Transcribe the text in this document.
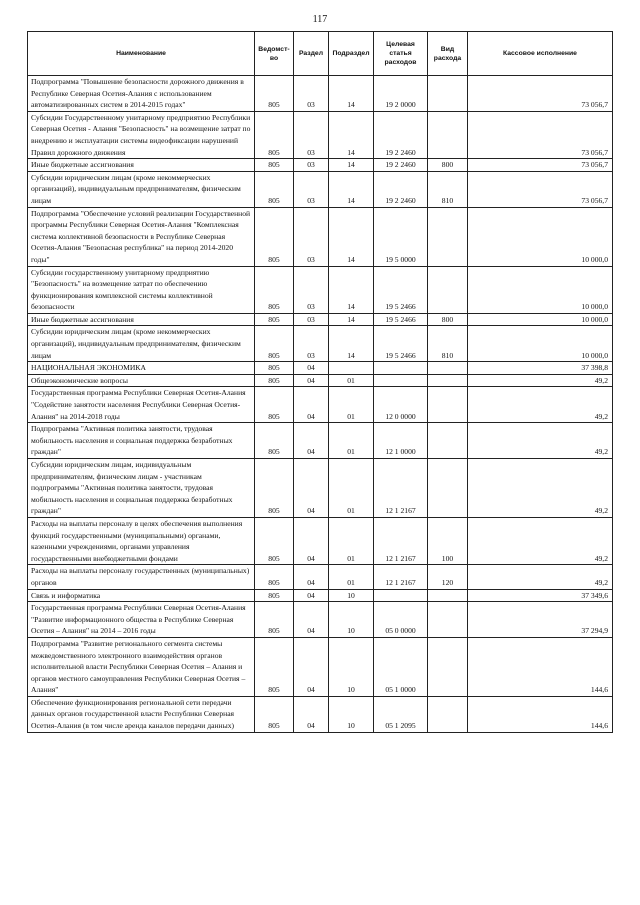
117
Наименование	Ведомст-во	Раздел	Подраздел	Целевая статья расходов	Вид расхода	Кассовое исполнение
Подпрограмма "Повышение безопасности дорожного движения в Республике Северная Осетия-Алания с использованием автоматизированных систем в 2014-2015 годах"	805	03	14	19 2 0000		73 056,7
Субсидии Государственному унитарному предприятию Республики Северная Осетия - Алания "Безопасность" на возмещение затрат по внедрению и эксплуатации системы видеофиксации нарушений Правил дорожного движения	805	03	14	19 2 2460		73 056,7
Иные бюджетные ассигнования	805	03	14	19 2 2460	800	73 056,7
Субсидии юридическим лицам (кроме некоммерческих организаций), индивидуальным предпринимателям, физическим лицам	805	03	14	19 2 2460	810	73 056,7
Подпрограмма "Обеспечение условий реализации Государственной программы Республики Северная Осетия-Алания "Комплексная система коллективной безопасности в Республике Северная Осетия-Алания "Безопасная республика" на период 2014-2020 годы"	805	03	14	19 5 0000		10 000,0
Субсидии государственному унитарному предприятию "Безопасность" на возмещение затрат по обеспечению функционирования комплексной системы коллективной безопасности	805	03	14	19 5 2466		10 000,0
Иные бюджетные ассигнования	805	03	14	19 5 2466	800	10 000,0
Субсидии юридическим лицам (кроме некоммерческих организаций), индивидуальным предпринимателям, физическим лицам	805	03	14	19 5 2466	810	10 000,0
НАЦИОНАЛЬНАЯ ЭКОНОМИКА	805	04				37 398,8
Общеэкономические вопросы	805	04	01			49,2
Государственная программа Республики Северная Осетия-Алания "Содействие занятости населения Республики Северная Осетия-Алания" на 2014-2018 годы	805	04	01	12 0 0000		49,2
Подпрограмма "Активная политика занятости, трудовая мобильность населения и социальная поддержка безработных граждан"	805	04	01	12 1 0000		49,2
Субсидии юридическим лицам, индивидуальным предпринимателям, физическим лицам - участникам подпрограммы "Активная политика занятости, трудовая мобильность населения и социальная поддержка безработных граждан"	805	04	01	12 1 2167		49,2
Расходы на выплаты персоналу в целях обеспечения выполнения функций государственными (муниципальными) органами, казенными учреждениями, органами управления государственными внебюджетными фондами	805	04	01	12 1 2167	100	49,2
Расходы на выплаты персоналу государственных (муниципальных) органов	805	04	01	12 1 2167	120	49,2
Связь и информатика	805	04	10			37 349,6
Государственная программа Республики Северная Осетия-Алания "Развитие информационного общества в Республике Северная Осетия – Алания" на 2014 – 2016 годы	805	04	10	05 0 0000		37 294,9
Подпрограмма "Развитие регионального сегмента системы межведомственного электронного взаимодействия органов исполнительной власти Республики Северная Осетия – Алания и органов местного самоуправления Республики Северная Осетия – Алания"	805	04	10	05 1 0000		144,6
Обеспечение функционирования региональной сети передачи данных органов государственной власти Республики Северная Осетия-Алания (в том числе аренда каналов передачи данных)	805	04	10	05 1 2095		144,6
